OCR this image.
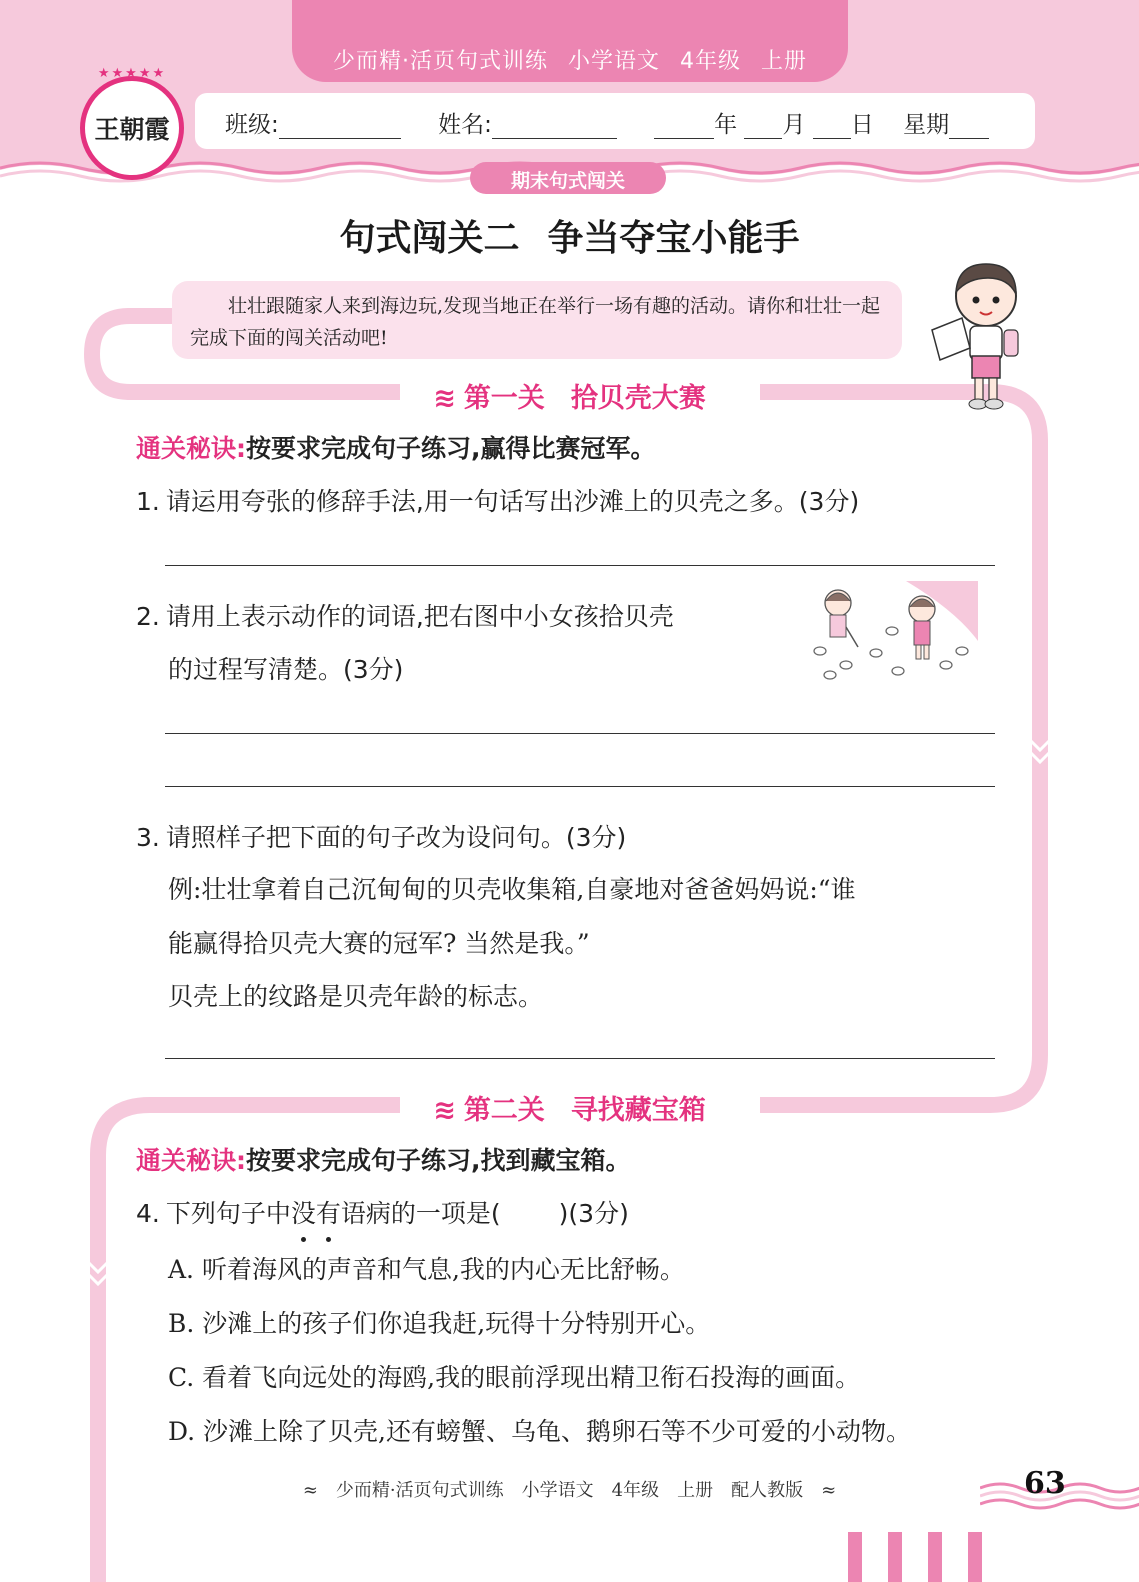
少而精·活页句式训练 小学语文 4年级 上册
班级:	姓名:	年 月 日 星期
★★★★★
王朝霞
期末句式闯关
句式闯关二 争当夺宝小能手
壮壮跟随家人来到海边玩,发现当地正在举行一场有趣的活动。请你和壮壮一起完成下面的闯关活动吧!
≋ 第一关 拾贝壳大赛
通关秘诀:按要求完成句子练习,赢得比赛冠军。
1. 请运用夸张的修辞手法,用一句话写出沙滩上的贝壳之多。(3分)
2. 请用上表示动作的词语,把右图中小女孩拾贝壳
的过程写清楚。(3分)
3. 请照样子把下面的句子改为设问句。(3分)
例:壮壮拿着自己沉甸甸的贝壳收集箱,自豪地对爸爸妈妈说:“谁
能赢得拾贝壳大赛的冠军? 当然是我。”
贝壳上的纹路是贝壳年龄的标志。
≋ 第二关 寻找藏宝箱
通关秘诀:按要求完成句子练习,找到藏宝箱。
4. 下列句子中没有语病的一项是( )(3分)
A. 听着海风的声音和气息,我的内心无比舒畅。
B. 沙滩上的孩子们你追我赶,玩得十分特别开心。
C. 看着飞向远处的海鸥,我的眼前浮现出精卫衔石投海的画面。
D. 沙滩上除了贝壳,还有螃蟹、乌龟、鹅卵石等不少可爱的小动物。
≈ 少而精·活页句式训练 小学语文 4年级 上册 配人教版 ≈	63
